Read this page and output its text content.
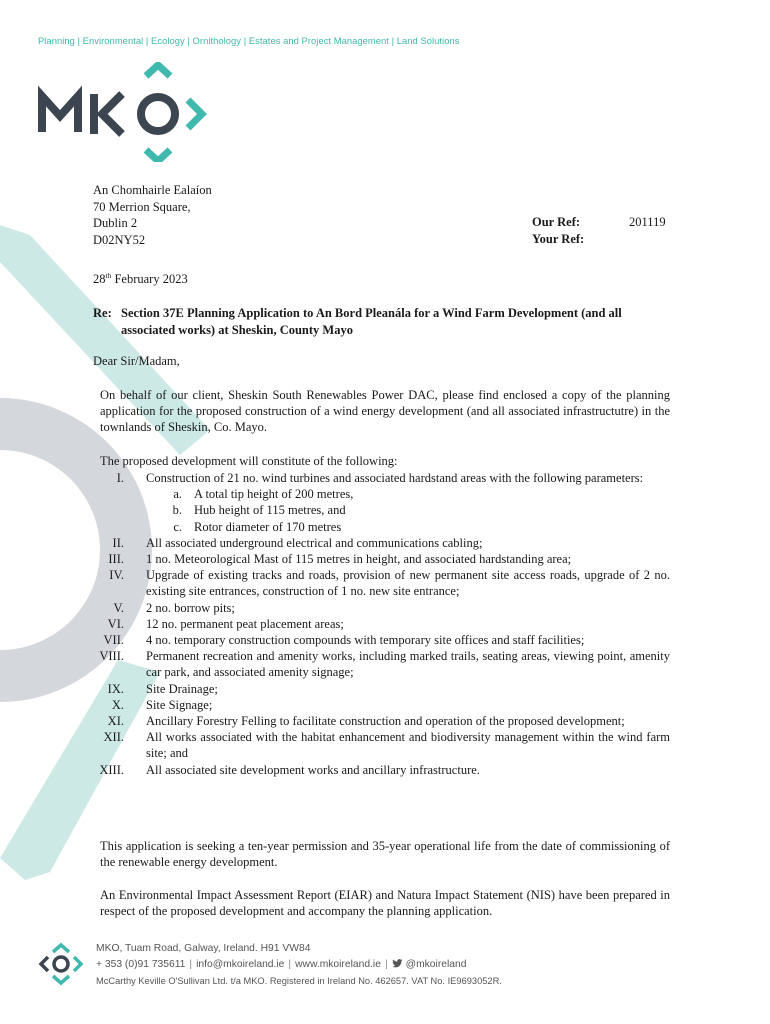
Planning | Environmental | Ecology | Ornithology | Estates and Project Management | Land Solutions
An Chomhairle Ealaíon
70 Merrion Square,
Dublin 2
D02NY52
Our Ref:	201119
Your Ref:
28th February 2023
Re: Section 37E Planning Application to An Bord Pleanála for a Wind Farm Development (and all associated works) at Sheskin, County Mayo
Dear Sir/Madam,
On behalf of our client, Sheskin South Renewables Power DAC, please find enclosed a copy of the planning application for the proposed construction of a wind energy development (and all associated infrastructutre) in the townlands of Sheskin, Co. Mayo.
The proposed development will constitute of the following:
I. Construction of 21 no. wind turbines and associated hardstand areas with the following parameters:
a. A total tip height of 200 metres,
b. Hub height of 115 metres, and
c. Rotor diameter of 170 metres
II. All associated underground electrical and communications cabling;
III. 1 no. Meteorological Mast of 115 metres in height, and associated hardstanding area;
IV. Upgrade of existing tracks and roads, provision of new permanent site access roads, upgrade of 2 no. existing site entrances, construction of 1 no. new site entrance;
V. 2 no. borrow pits;
VI. 12 no. permanent peat placement areas;
VII. 4 no. temporary construction compounds with temporary site offices and staff facilities;
VIII. Permanent recreation and amenity works, including marked trails, seating areas, viewing point, amenity car park, and associated amenity signage;
IX. Site Drainage;
X. Site Signage;
XI. Ancillary Forestry Felling to facilitate construction and operation of the proposed development;
XII. All works associated with the habitat enhancement and biodiversity management within the wind farm site; and
XIII. All associated site development works and ancillary infrastructure.
This application is seeking a ten-year permission and 35-year operational life from the date of commissioning of the renewable energy development.
An Environmental Impact Assessment Report (EIAR) and Natura Impact Statement (NIS) have been prepared in respect of the proposed development and accompany the planning application.
MKO, Tuam Road, Galway, Ireland. H91 VW84
+ 353 (0)91 735611 | info@mkoireland.ie | www.mkoireland.ie | @mkoireland
McCarthy Keville O'Sullivan Ltd. t/a MKO. Registered in Ireland No. 462657. VAT No. IE9693052R.
